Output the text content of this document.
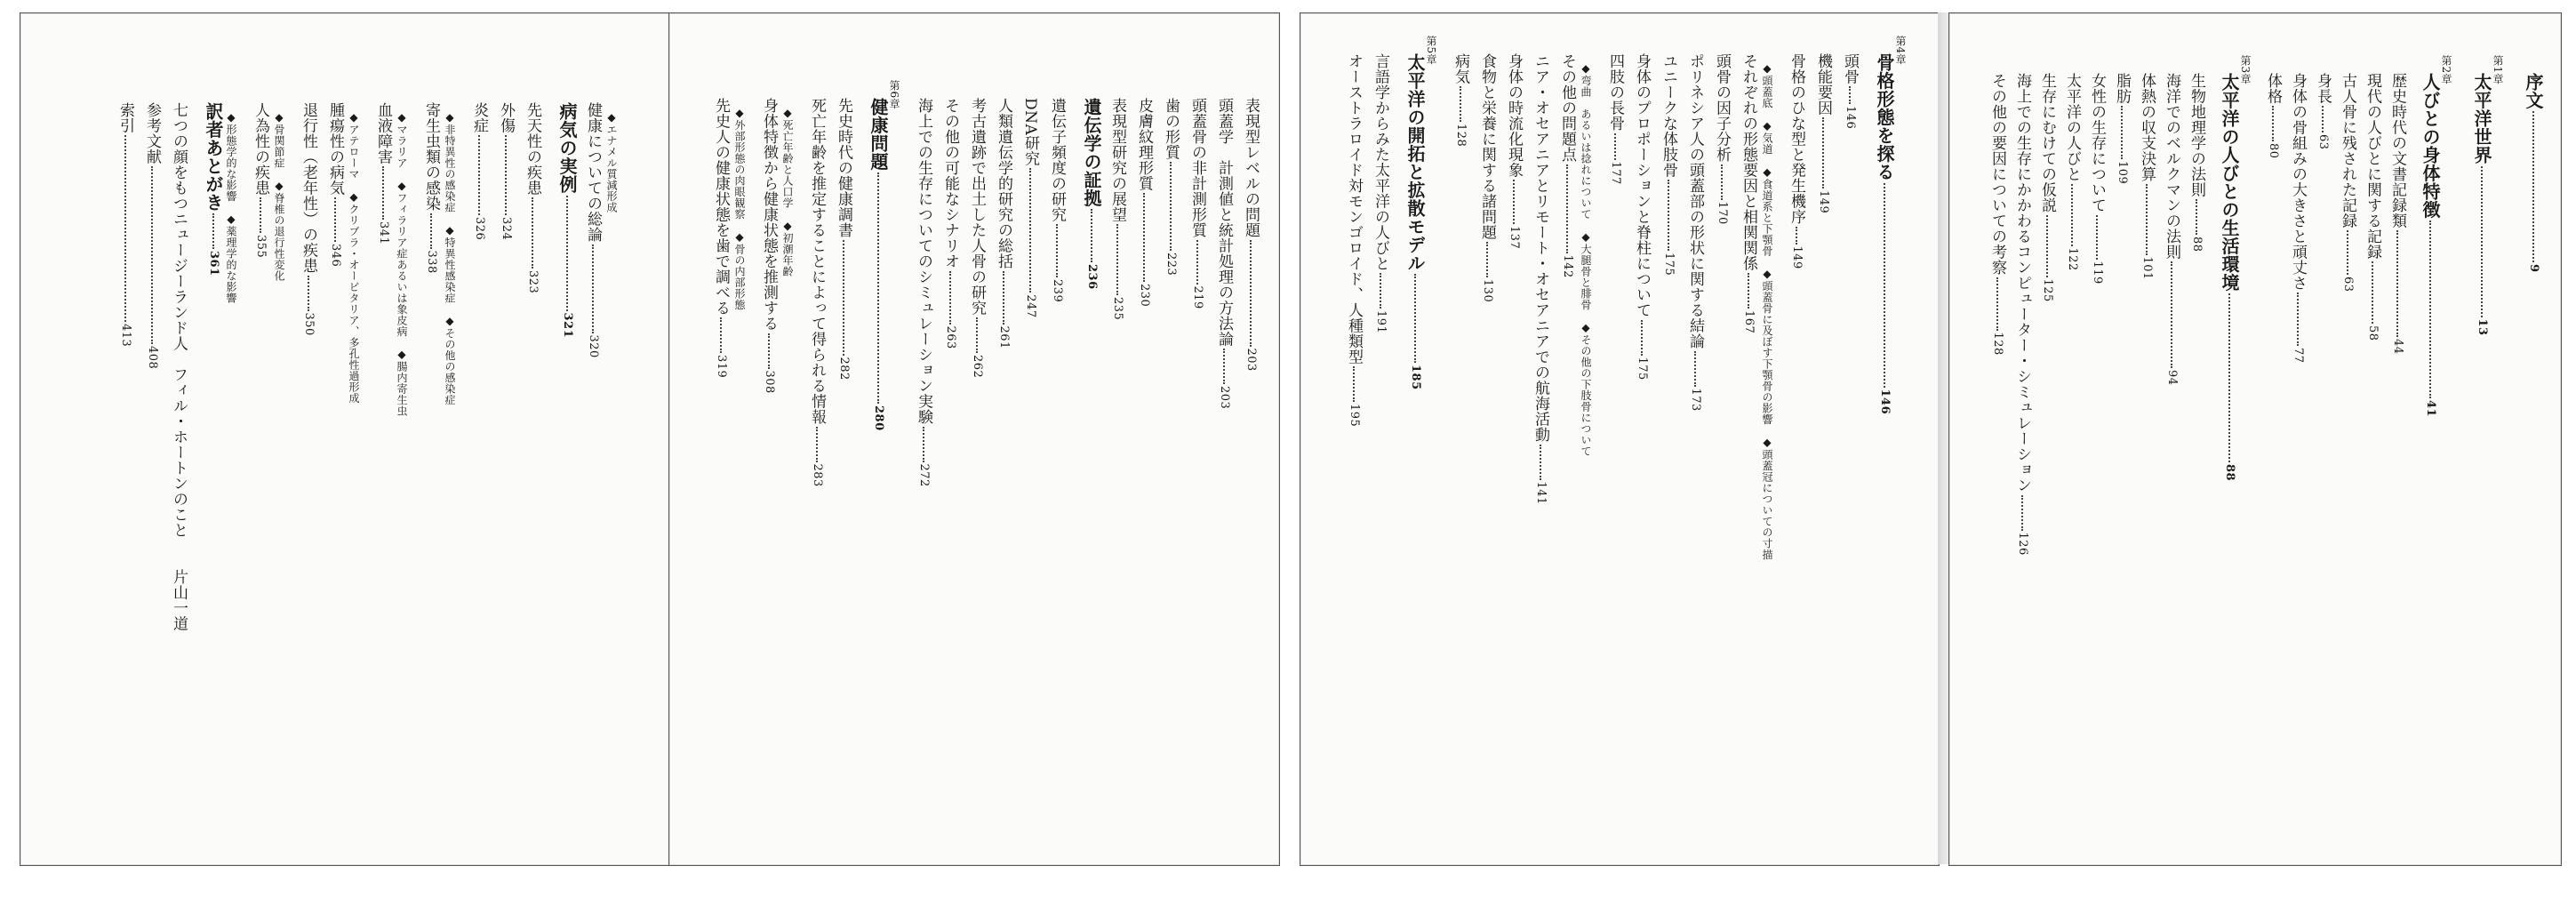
序文9
第1章
太平洋世界13
第2章
人びとの身体特徴41
歴史時代の文書記録類44
現代の人びとに関する記録58
古人骨に残された記録63
身長63
身体の骨組みの大きさと頑丈さ77
体格80
第3章
太平洋の人びとの生活環境88
生物地理学の法則88
海洋でのベルクマンの法則94
体熱の収支決算101
脂肪109
女性の生存について119
太平洋の人びと122
生存にむけての仮説125
海上での生存にかかわるコンピューター・シミュレーション126
その他の要因についての考察128
第4章
骨格形態を探る146
頭骨146
機能要因149
骨格のひな型と発生機序149
◆頭蓋底　◆気道　◆食道系と下顎骨　◆頭蓋骨に及ぼす下顎骨の影響　◆頭蓋冠についての寸描
それぞれの形態要因と相関関係167
頭骨の因子分析170
ポリネシア人の頭蓋部の形状に関する結論173
ユニークな体肢骨175
身体のプロポーションと脊柱について175
四肢の長骨177
◆弯曲　あるいは捻れについて　◆大腿骨と腓骨　◆その他の下肢骨について
その他の問題点142
ニア・オセアニアとリモート・オセアニアでの航海活動141
身体の時流化現象137
食物と栄養に関する諸問題130
病気128
第5章
太平洋の開拓と拡散モデル185
言語学からみた太平洋の人びと191
オーストラロイド対モンゴロイド、人種類型195
表現型レベルの問題203
頭蓋学　計測値と統計処理の方法論203
頭蓋骨の非計測形質219
歯の形質223
皮膚紋理形質230
表現型研究の展望235
遺伝学の証拠236
遺伝子頻度の研究239
DNA研究247
人類遺伝学的研究の総括261
考古遺跡で出土した人骨の研究262
その他の可能なシナリオ263
海上での生存についてのシミュレーション実験272
第6章
健康問題280
先史時代の健康調書282
死亡年齢を推定することによって得られる情報283
◆死亡年齢と人口学　◆初潮年齢
身体特徴から健康状態を推測する308
◆外部形態の肉眼観察　◆骨の内部形態
先史人の健康状態を歯で調べる319
◆エナメル質減形成
健康についての総論320
病気の実例321
先天性の疾患323
外傷324
炎症326
◆非特異性の感染症　◆特異性感染症　◆その他の感染症
寄生虫類の感染338
◆マラリア　◆フィラリア症あるいは象皮病　◆腸内寄生虫
血液障害341
◆アテローマ　◆クリブラ・オービタリア、多孔性過形成
腫瘍性の病気346
退行性（老年性）の疾患350
◆骨関節症　◆脊椎の退行性変化
人為性の疾患355
◆形態学的な影響　◆薬理学的な影響
訳者あとがき361
七つの顔をもつニュージーランド人　フィル・ホートンのこと　　片山一道
参考文献408
索引413
